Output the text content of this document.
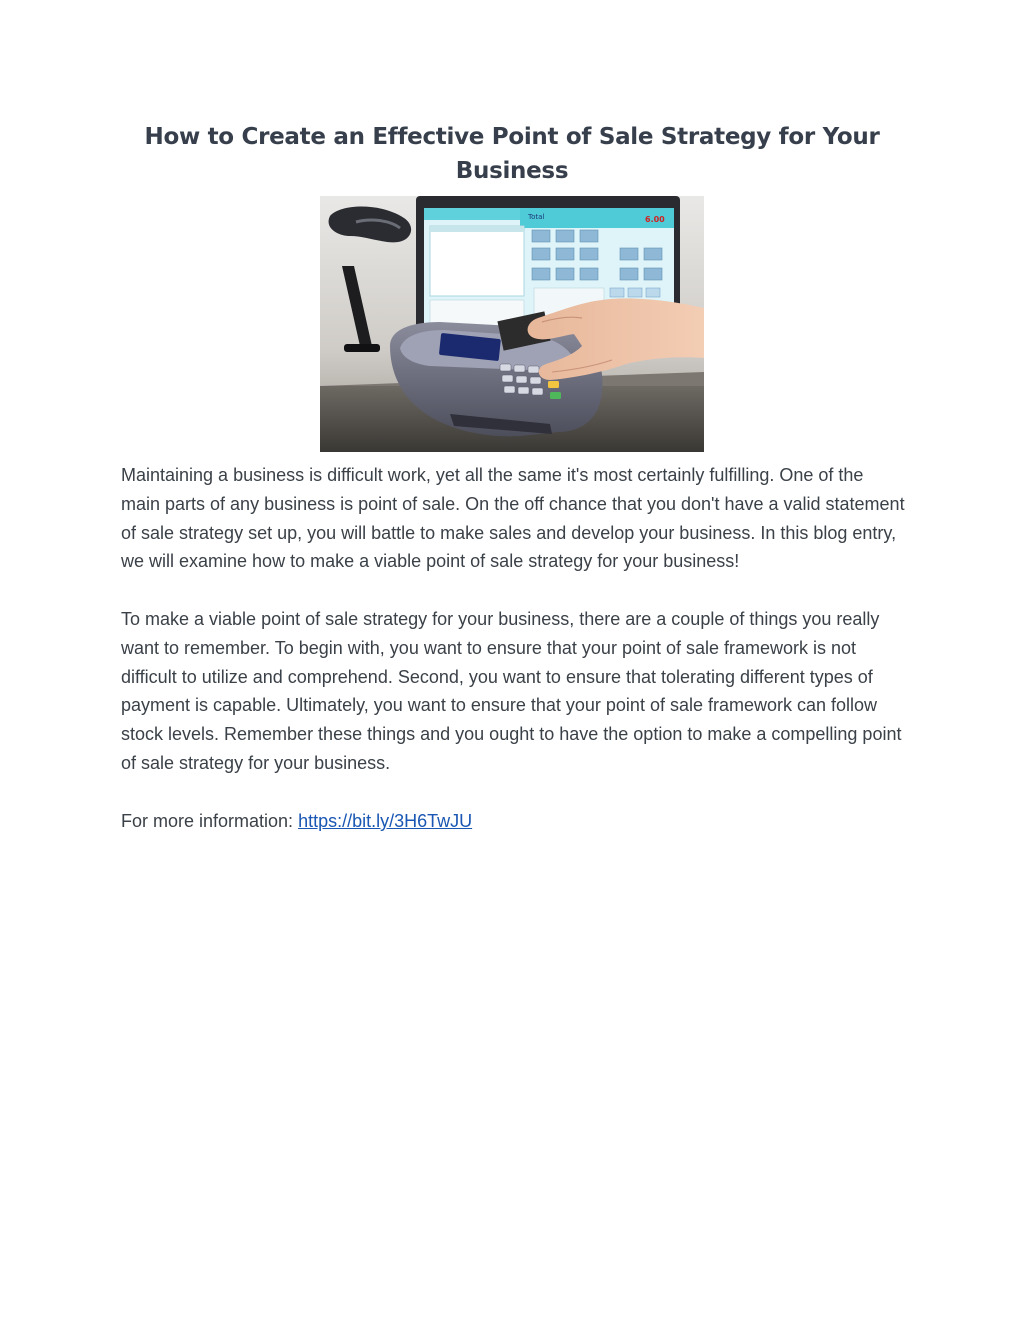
How to Create an Effective Point of Sale Strategy for Your Business
Total	6.00

Maintaining a business is difficult work, yet all the same it's most certainly fulfilling. One of the main parts of any business is point of sale. On the off chance that you don't have a valid statement of sale strategy set up, you will battle to make sales and develop your business. In this blog entry, we will examine how to make a viable point of sale strategy for your business!

To make a viable point of sale strategy for your business, there are a couple of things you really want to remember. To begin with, you want to ensure that your point of sale framework is not difficult to utilize and comprehend. Second, you want to ensure that tolerating different types of payment is capable. Ultimately, you want to ensure that your point of sale framework can follow stock levels. Remember these things and you ought to have the option to make a compelling point of sale strategy for your business.

For more information: https://bit.ly/3H6TwJU
